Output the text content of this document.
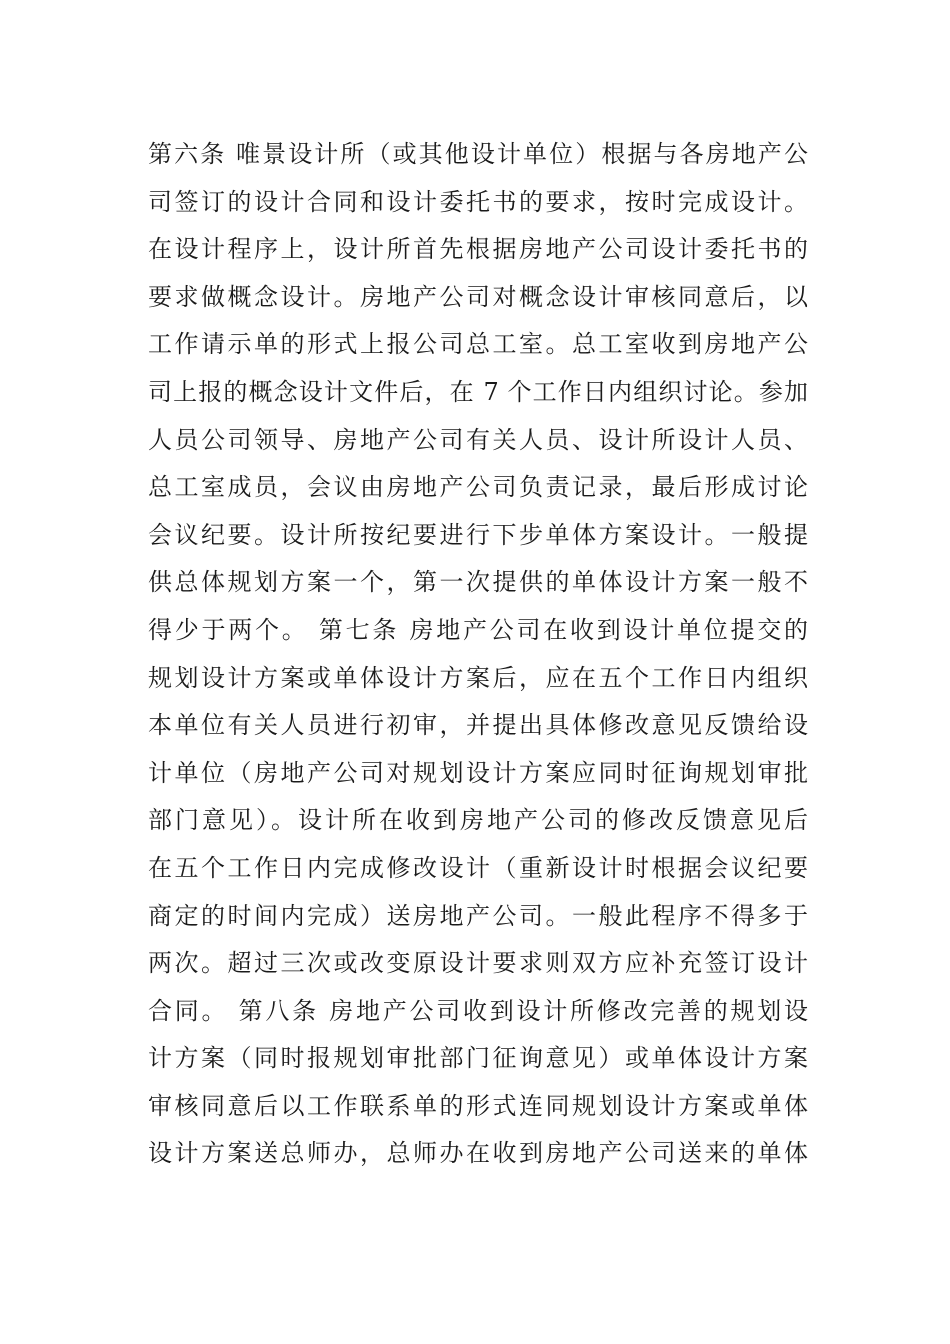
第六条 唯景设计所（或其他设计单位）根据与各房地产公
司签订的设计合同和设计委托书的要求，按时完成设计。
在设计程序上，设计所首先根据房地产公司设计委托书的
要求做概念设计。房地产公司对概念设计审核同意后，以
工作请示单的形式上报公司总工室。总工室收到房地产公
司上报的概念设计文件后，在 7 个工作日内组织讨论。参加
人员公司领导、房地产公司有关人员、设计所设计人员、
总工室成员，会议由房地产公司负责记录，最后形成讨论
会议纪要。设计所按纪要进行下步单体方案设计。一般提
供总体规划方案一个，第一次提供的单体设计方案一般不
得少于两个。 第七条 房地产公司在收到设计单位提交的
规划设计方案或单体设计方案后，应在五个工作日内组织
本单位有关人员进行初审，并提出具体修改意见反馈给设
计单位（房地产公司对规划设计方案应同时征询规划审批
部门意见）。设计所在收到房地产公司的修改反馈意见后
在五个工作日内完成修改设计（重新设计时根据会议纪要
商定的时间内完成）送房地产公司。一般此程序不得多于
两次。超过三次或改变原设计要求则双方应补充签订设计
合同。 第八条 房地产公司收到设计所修改完善的规划设
计方案（同时报规划审批部门征询意见）或单体设计方案
审核同意后以工作联系单的形式连同规划设计方案或单体
设计方案送总师办，总师办在收到房地产公司送来的单体
